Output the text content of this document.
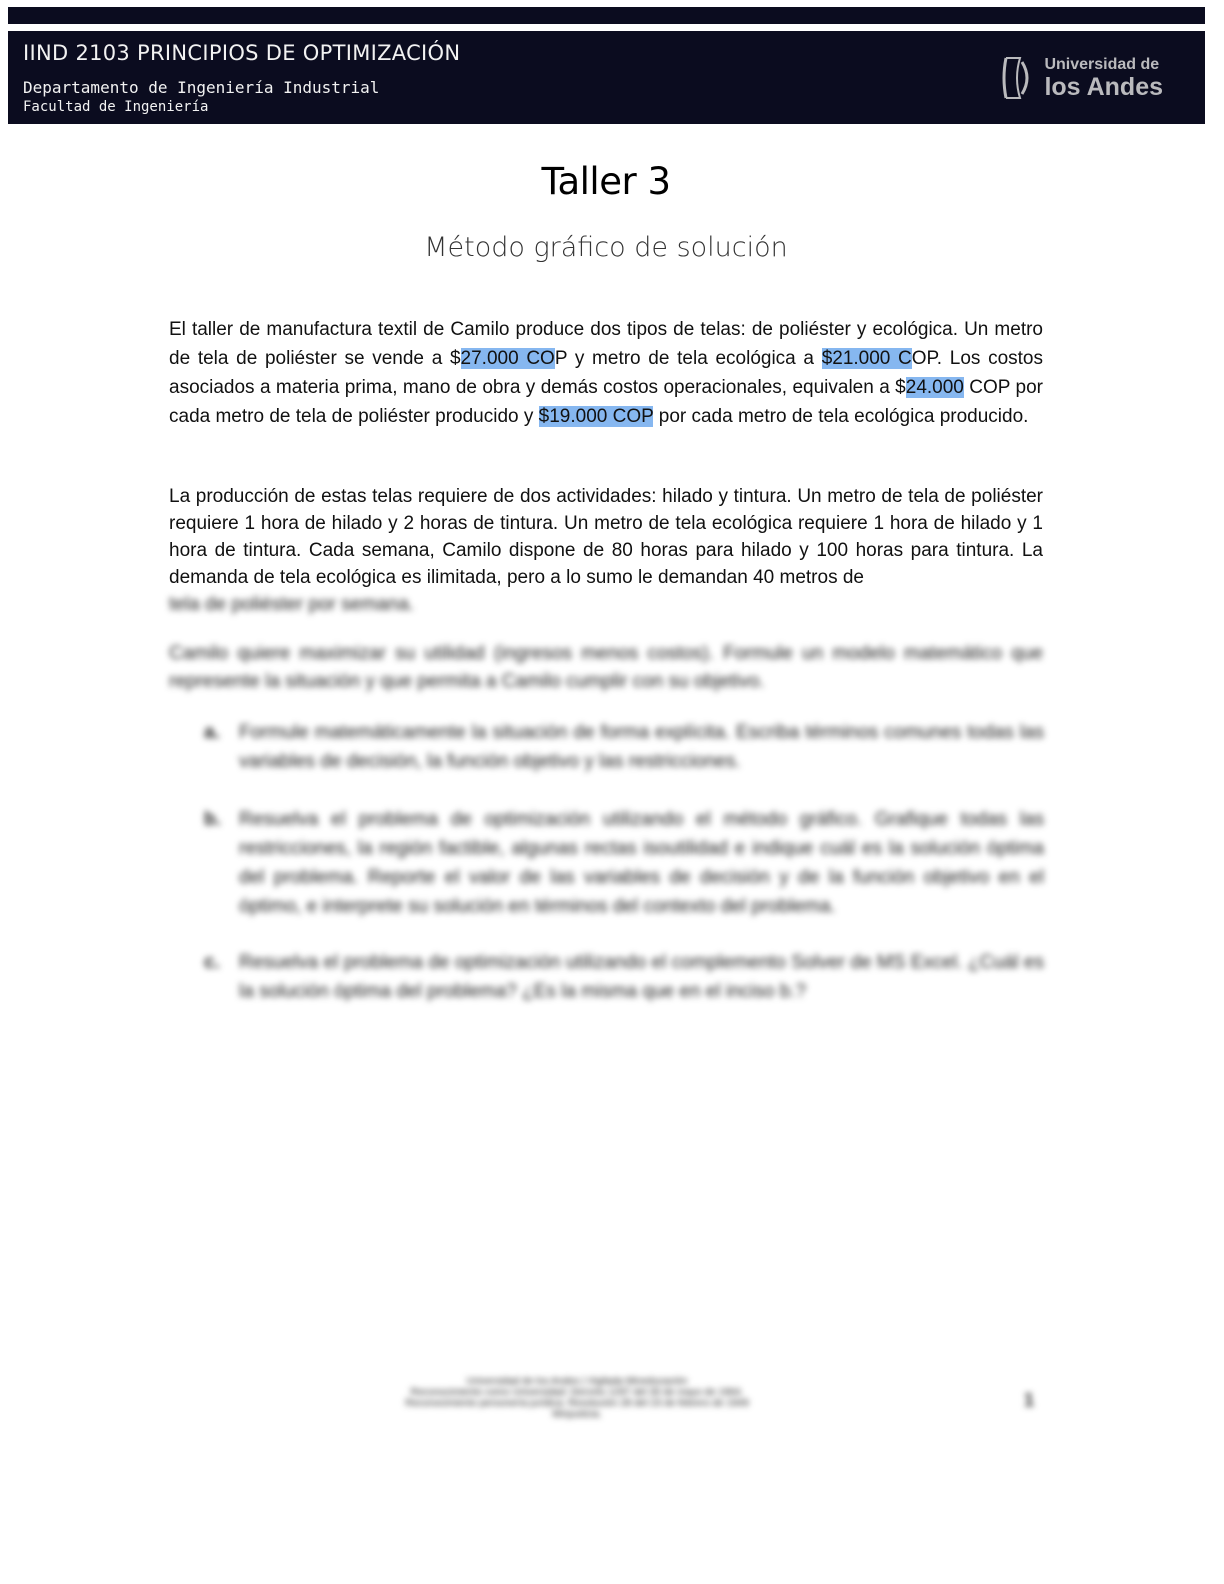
IIND 2103 PRINCIPIOS DE OPTIMIZACIÓN
Departamento de Ingeniería Industrial
Facultad de Ingeniería
Universidad de
los Andes
Taller 3
Método gráfico de solución
El taller de manufactura textil de Camilo produce dos tipos de telas: de poliéster y ecológica. Un metro de tela de poliéster se vende a $27.000 COP y metro de tela ecológica a $21.000 COP. Los costos asociados a materia prima, mano de obra y demás costos operacionales, equivalen a $24.000 COP por cada metro de tela de poliéster producido y $19.000 COP por cada metro de tela ecológica producido.
La producción de estas telas requiere de dos actividades: hilado y tintura. Un metro de tela de poliéster requiere 1 hora de hilado y 2 horas de tintura. Un metro de tela ecológica requiere 1 hora de hilado y 1 hora de tintura. Cada semana, Camilo dispone de 80 horas para hilado y 100 horas para tintura. La demanda de tela ecológica es ilimitada, pero a lo sumo le demandan 40 metros de
tela de poliéster por semana.
Camilo quiere maximizar su utilidad (ingresos menos costos). Formule un modelo matemático que represente la situación y que permita a Camilo cumplir con su objetivo.
a. Formule matemáticamente la situación de forma explícita. Escriba términos comunes todas las variables de decisión, la función objetivo y las restricciones.
b. Resuelva el problema de optimización utilizando el método gráfico. Grafique todas las restricciones, la región factible, algunas rectas isoutilidad e indique cuál es la solución óptima del problema. Reporte el valor de las variables de decisión y de la función objetivo en el óptimo, e interprete su solución en términos del contexto del problema.
c. Resuelva el problema de optimización utilizando el complemento Solver de MS Excel. ¿Cuál es la solución óptima del problema? ¿Es la misma que en el inciso b.?
Universidad de los Andes | Vigilada Mineducación
Reconocimiento como Universidad: Decreto 1297 del 30 de mayo de 1964.
Reconocimiento personería jurídica: Resolución 28 del 23 de febrero de 1949 Minjusticia.
1
